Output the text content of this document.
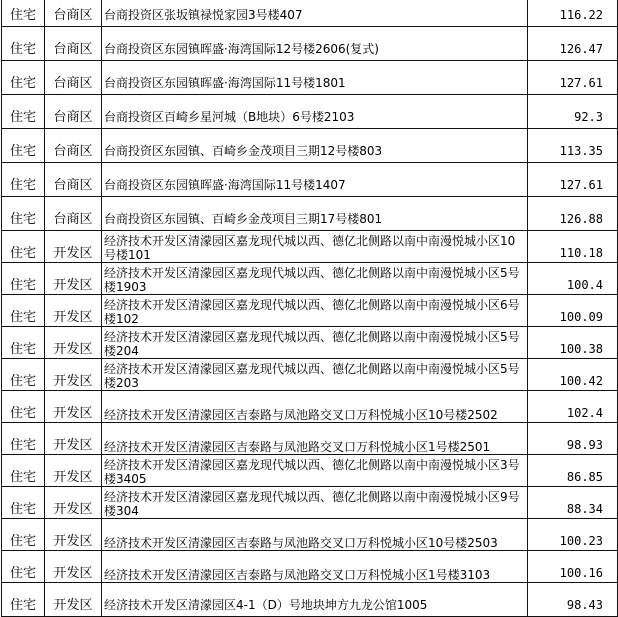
住宅	台商区	台商投资区张坂镇禄悦家园3号楼407	116.22
住宅	台商区	台商投资区东园镇晖盛·海湾国际12号楼2606(复式)	126.47
住宅	台商区	台商投资区东园镇晖盛·海湾国际11号楼1801	127.61
住宅	台商区	台商投资区百崎乡星河城（B地块）6号楼2103	92.3
住宅	台商区	台商投资区东园镇、百崎乡金茂项目三期12号楼803	113.35
住宅	台商区	台商投资区东园镇晖盛·海湾国际11号楼1407	127.61
住宅	台商区	台商投资区东园镇、百崎乡金茂项目三期17号楼801	126.88
住宅	开发区	经济技术开发区清濛园区嘉龙现代城以西、德亿北侧路以南中南漫悦城小区10号楼101	110.18
住宅	开发区	经济技术开发区清濛园区嘉龙现代城以西、德亿北侧路以南中南漫悦城小区5号楼1903	100.4
住宅	开发区	经济技术开发区清濛园区嘉龙现代城以西、德亿北侧路以南中南漫悦城小区6号楼102	100.09
住宅	开发区	经济技术开发区清濛园区嘉龙现代城以西、德亿北侧路以南中南漫悦城小区5号楼204	100.38
住宅	开发区	经济技术开发区清濛园区嘉龙现代城以西、德亿北侧路以南中南漫悦城小区5号楼203	100.42
住宅	开发区	经济技术开发区清濛园区吉泰路与凤池路交叉口万科悦城小区10号楼2502	102.4
住宅	开发区	经济技术开发区清濛园区吉泰路与凤池路交叉口万科悦城小区1号楼2501	98.93
住宅	开发区	经济技术开发区清濛园区嘉龙现代城以西、德亿北侧路以南中南漫悦城小区3号楼3405	86.85
住宅	开发区	经济技术开发区清濛园区嘉龙现代城以西、德亿北侧路以南中南漫悦城小区9号楼304	88.34
住宅	开发区	经济技术开发区清濛园区吉泰路与凤池路交叉口万科悦城小区10号楼2503	100.23
住宅	开发区	经济技术开发区清濛园区吉泰路与凤池路交叉口万科悦城小区1号楼3103	100.16
住宅	开发区	经济技术开发区清濛园区4-1（D）号地块坤方九龙公馆1005	98.43
